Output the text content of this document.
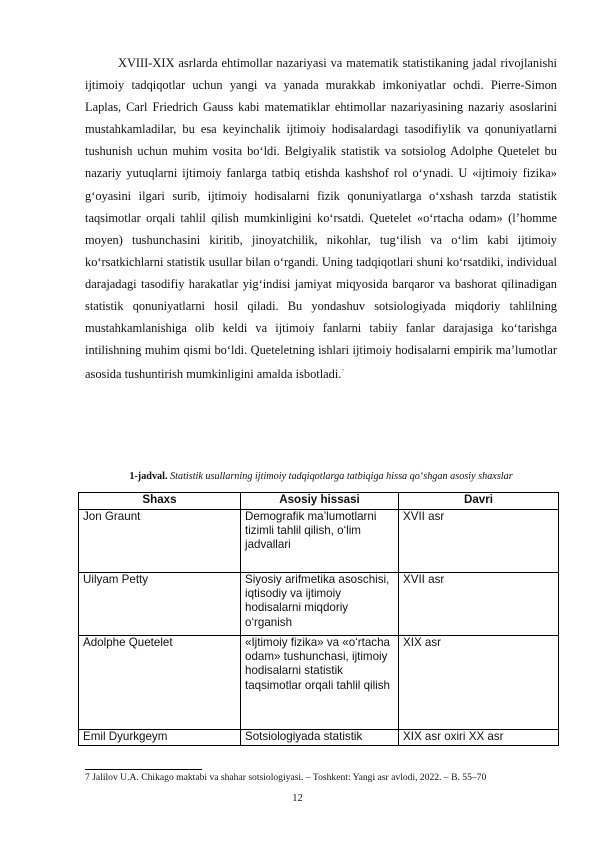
XVIII-XIX asrlarda ehtimollar nazariyasi va matematik statistikaning jadal rivojlanishi ijtimoiy tadqiqotlar uchun yangi va yanada murakkab imkoniyatlar ochdi. Pierre-Simon Laplas, Carl Friedrich Gauss kabi matematiklar ehtimollar nazariyasining nazariy asoslarini mustahkamladilar, bu esa keyinchalik ijtimoiy hodisalardagi tasodifiylik va qonuniyatlarni tushunish uchun muhim vosita bo‘ldi. Belgiyalik statistik va sotsiolog Adolphe Quetelet bu nazariy yutuqlarni ijtimoiy fanlarga tatbiq etishda kashshof rol o‘ynadi. U «ijtimoiy fizika» g‘oyasini ilgari surib, ijtimoiy hodisalarni fizik qonuniyatlarga o‘xshash tarzda statistik taqsimotlar orqali tahlil qilish mumkinligini ko‘rsatdi. Quetelet «o‘rtacha odam» (l’homme moyen) tushunchasini kiritib, jinoyatchilik, nikohlar, tug‘ilish va o‘lim kabi ijtimoiy ko‘rsatkichlarni statistik usullar bilan o‘rgandi. Uning tadqiqotlari shuni ko‘rsatdiki, individual darajadagi tasodifiy harakatlar yig‘indisi jamiyat miqyosida barqaror va bashorat qilinadigan statistik qonuniyatlarni hosil qiladi. Bu yondashuv sotsiologiyada miqdoriy tahlilning mustahkamlanishiga olib keldi va ijtimoiy fanlarni tabiiy fanlar darajasiga ko‘tarishga intilishning muhim qismi bo‘ldi. Queteletning ishlari ijtimoiy hodisalarni empirik ma’lumotlar asosida tushuntirish mumkinligini amalda isbotladi.$^7$

1-jadval. Statistik usullarning ijtimoiy tadqiqotlarga tatbiqiga hissa qo‘shgan asosiy shaxslar
Shaxs	Asosiy hissasi	Davri
Jon Graunt	Demografik ma’lumotlarni tizimli tahlil qilish, o‘lim jadvallari	XVII asr
Uilyam Petty	Siyosiy arifmetika asoschisi, iqtisodiy va ijtimoiy hodisalarni miqdoriy o‘rganish	XVII asr
Adolphe Quetelet	«Ijtimoiy fizika» va «o‘rtacha odam» tushunchasi, ijtimoiy hodisalarni statistik taqsimotlar orqali tahlil qilish	XIX asr
Emil Dyurkgeym	Sotsiologiyada statistik	XIX asr oxiri XX asr
7 Jalilov U.A. Chikago maktabi va shahar sotsiologiyasi. – Toshkent: Yangi asr avlodi, 2022. – B. 55–70
12
